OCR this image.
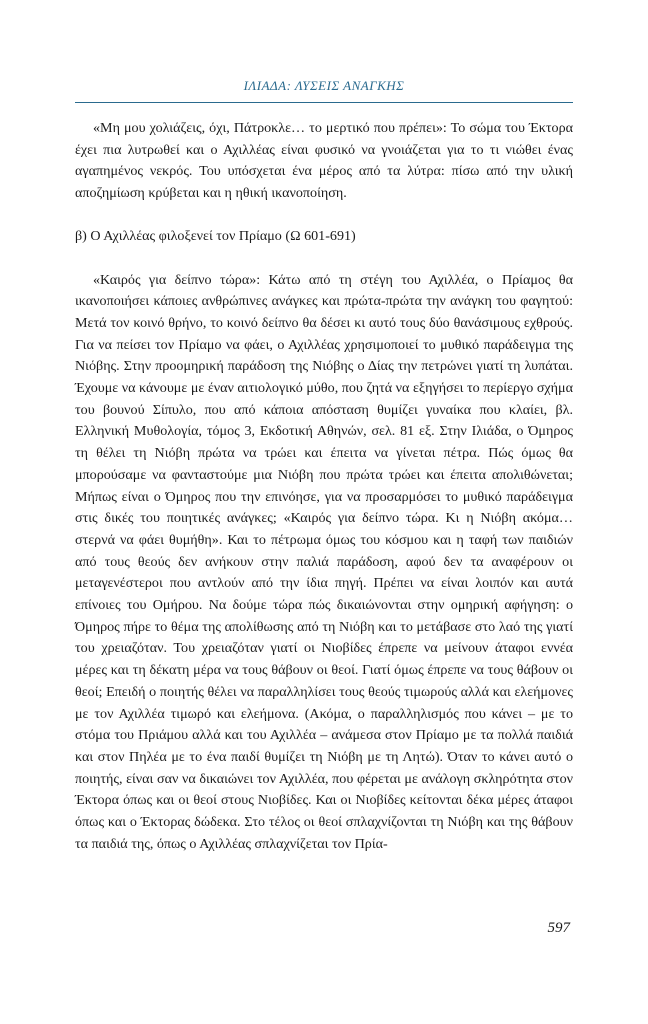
ΙΛΙΑΔΑ: ΛΥΣΕΙΣ ΑΝΑΓΚΗΣ

«Μη μου χολιάζεις, όχι, Πάτροκλε… το μερτικό που πρέπει»: Το σώμα του Έκτορα έχει πια λυτρωθεί και ο Αχιλλέας είναι φυσικό να γνοιάζεται για το τι νιώθει ένας αγαπημένος νεκρός. Του υπόσχεται ένα μέρος από τα λύτρα: πίσω από την υλική αποζημίωση κρύβεται και η ηθική ικανοποίηση.

β) Ο Αχιλλέας φιλοξενεί τον Πρίαμο (Ω 601-691)

«Καιρός για δείπνο τώρα»: Κάτω από τη στέγη του Αχιλλέα, ο Πρίαμος θα ικανοποιήσει κάποιες ανθρώπινες ανάγκες και πρώτα-πρώτα την ανάγκη του φαγητού: Μετά τον κοινό θρήνο, το κοινό δείπνο θα δέσει κι αυτό τους δύο θανάσιμους εχθρούς. Για να πείσει τον Πρίαμο να φάει, ο Αχιλλέας χρησιμοποιεί το μυθικό παράδειγμα της Νιόβης. Στην προομηρική παράδοση της Νιόβης ο Δίας την πετρώνει γιατί τη λυπάται. Έχουμε να κάνουμε με έναν αιτιολογικό μύθο, που ζητά να εξηγήσει το περίεργο σχήμα του βουνού Σίπυλο, που από κάποια απόσταση θυμίζει γυναίκα που κλαίει, βλ. Ελληνική Μυθολογία, τόμος 3, Εκδοτική Αθηνών, σελ. 81 εξ. Στην Ιλιάδα, ο Όμηρος τη θέλει τη Νιόβη πρώτα να τρώει και έπειτα να γίνεται πέτρα. Πώς όμως θα μπορούσαμε να φανταστούμε μια Νιόβη που πρώτα τρώει και έπειτα απολιθώνεται; Μήπως είναι ο Όμηρος που την επινόησε, για να προσαρμόσει το μυθικό παράδειγμα στις δικές του ποιητικές ανάγκες; «Καιρός για δείπνο τώρα. Κι η Νιόβη ακόμα… στερνά να φάει θυμήθη». Και το πέτρωμα όμως του κόσμου και η ταφή των παιδιών από τους θεούς δεν ανήκουν στην παλιά παράδοση, αφού δεν τα αναφέρουν οι μεταγενέστεροι που αντλούν από την ίδια πηγή. Πρέπει να είναι λοιπόν και αυτά επίνοιες του Ομήρου. Να δούμε τώρα πώς δικαιώνονται στην ομηρική αφήγηση: ο Όμηρος πήρε το θέμα της απολίθωσης από τη Νιόβη και το μετάβασε στο λαό της γιατί του χρειαζόταν. Του χρειαζόταν γιατί οι Νιοβίδες έπρεπε να μείνουν άταφοι εννέα μέρες και τη δέκατη μέρα να τους θάβουν οι θεοί. Γιατί όμως έπρεπε να τους θάβουν οι θεοί; Επειδή ο ποιητής θέλει να παραλληλίσει τους θεούς τιμωρούς αλλά και ελεήμονες με τον Αχιλλέα τιμωρό και ελεήμονα. (Ακόμα, ο παραλληλισμός που κάνει – με το στόμα του Πριάμου αλλά και του Αχιλλέα – ανάμεσα στον Πρίαμο με τα πολλά παιδιά και στον Πηλέα με το ένα παιδί θυμίζει τη Νιόβη με τη Λητώ). Όταν το κάνει αυτό ο ποιητής, είναι σαν να δικαιώνει τον Αχιλλέα, που φέρεται με ανάλογη σκληρότητα στον Έκτορα όπως και οι θεοί στους Νιοβίδες. Και οι Νιοβίδες κείτονται δέκα μέρες άταφοι όπως και ο Έκτορας δώδεκα. Στο τέλος οι θεοί σπλαχνίζονται τη Νιόβη και της θάβουν τα παιδιά της, όπως ο Αχιλλέας σπλαχνίζεται τον Πρία-

597
